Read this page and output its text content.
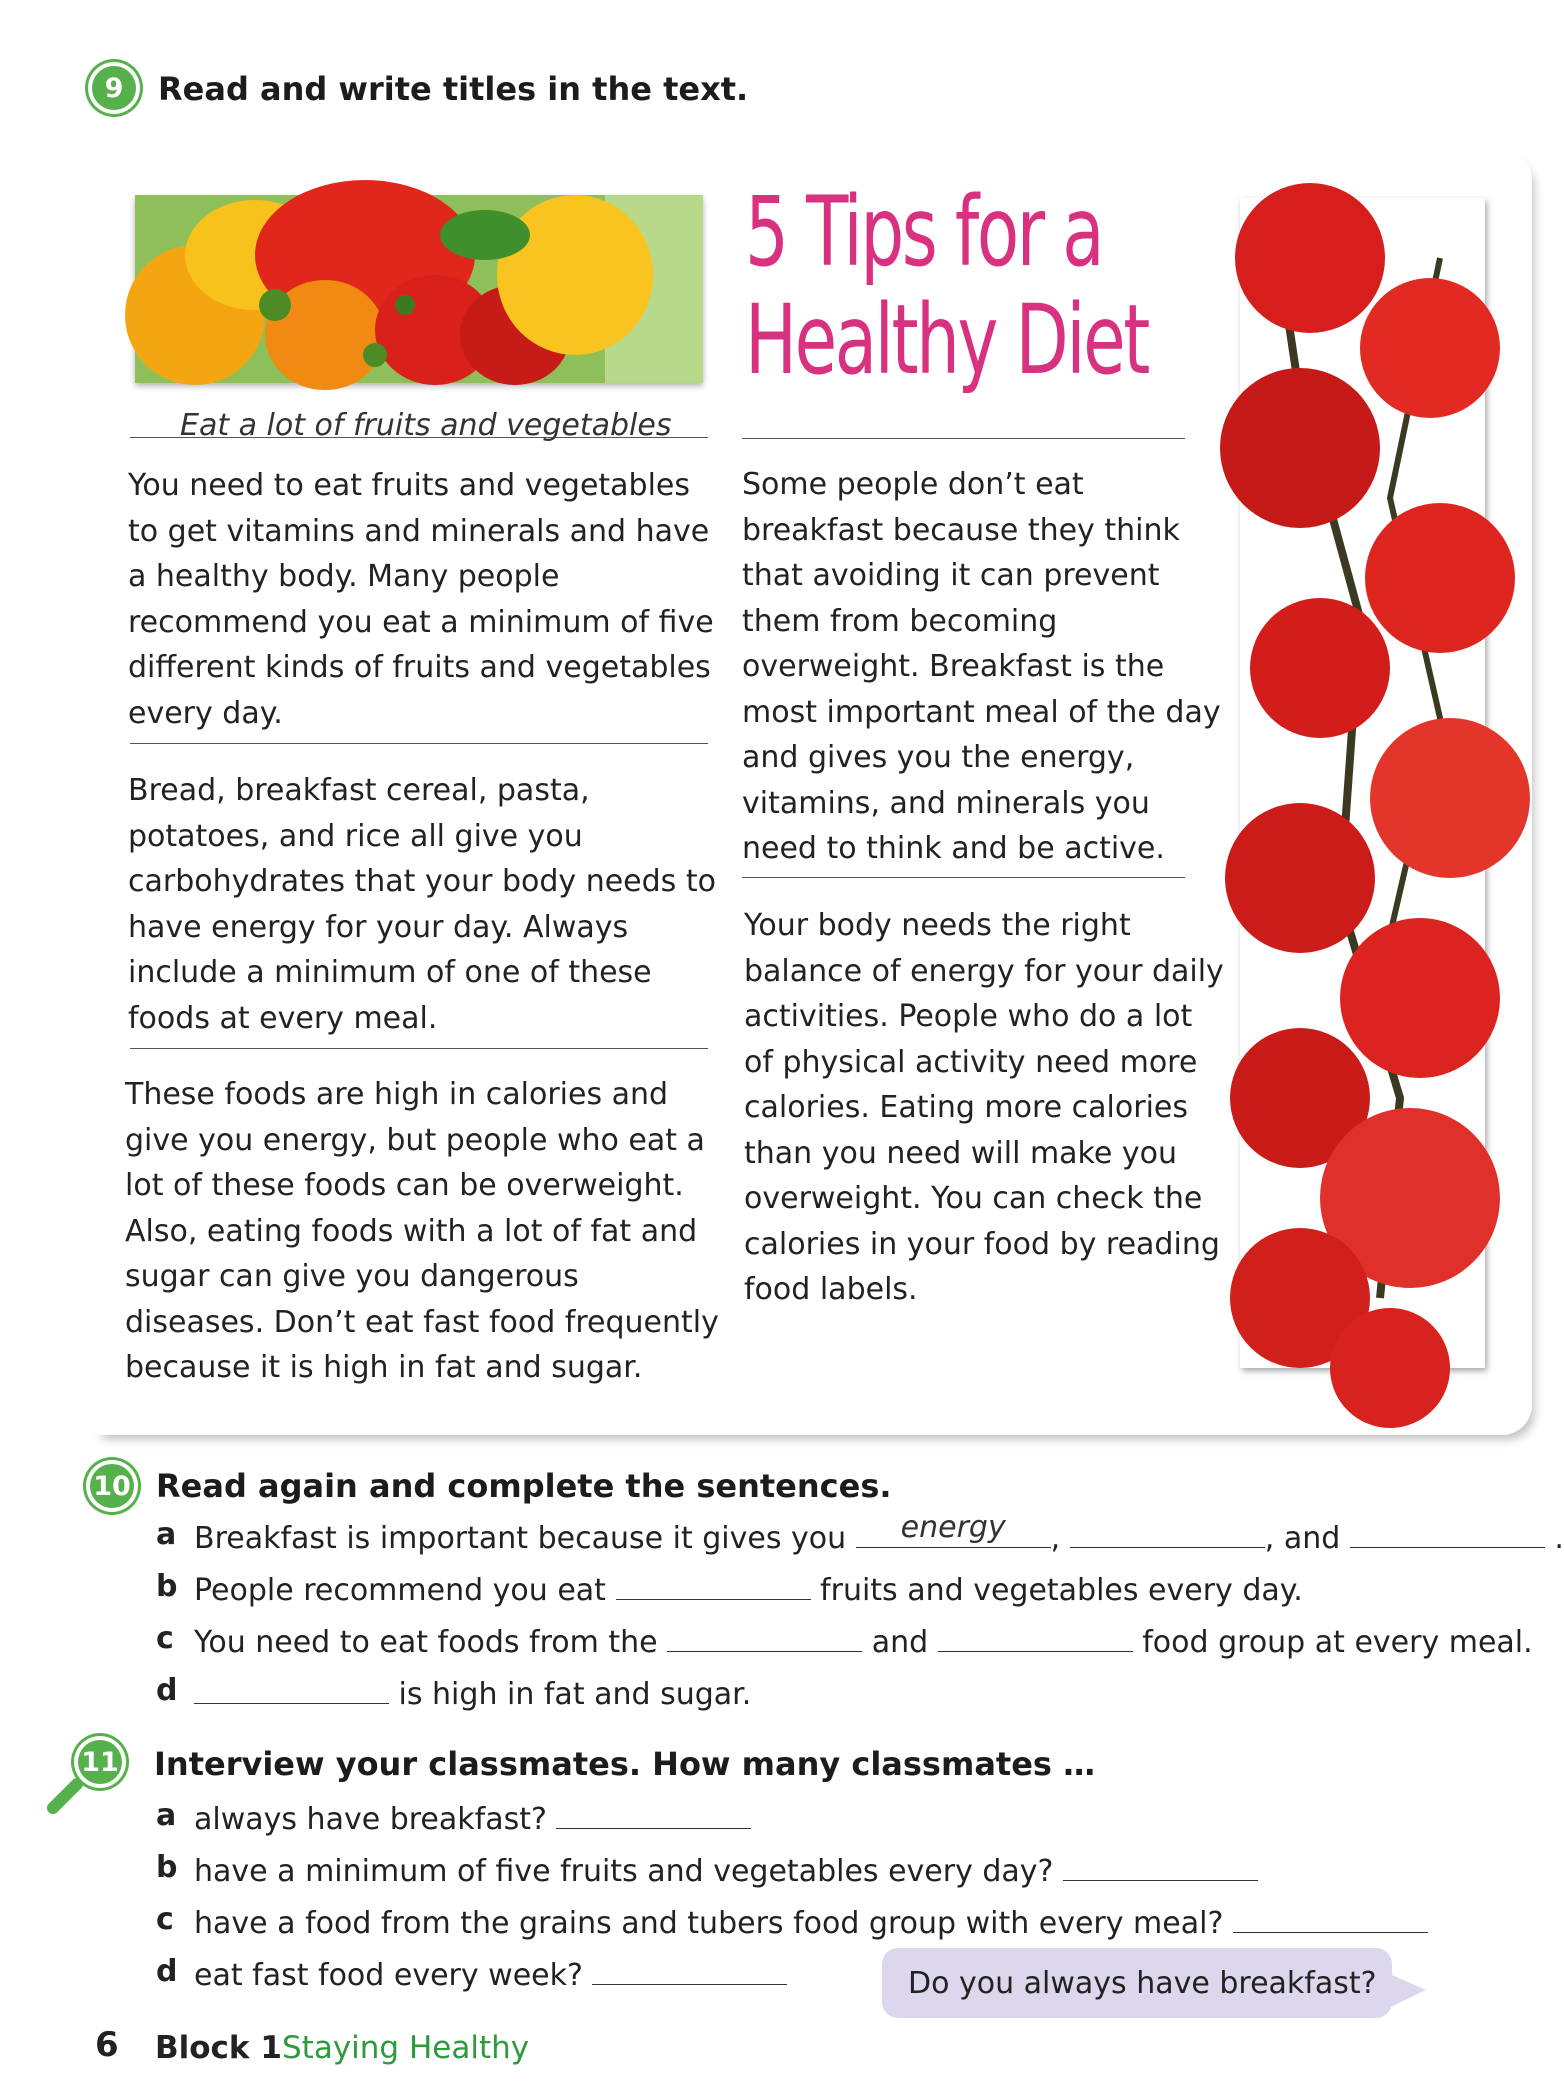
9	Read and write titles in the text.
5 Tips for a
Healthy Diet
Eat a lot of fruits and vegetables
You need to eat fruits and vegetables to get vitamins and minerals and have a healthy body. Many people recommend you eat a minimum of five different kinds of fruits and vegetables every day.
Bread, breakfast cereal, pasta, potatoes, and rice all give you carbohydrates that your body needs to have energy for your day. Always include a minimum of one of these foods at every meal.
These foods are high in calories and give you energy, but people who eat a lot of these foods can be overweight. Also, eating foods with a lot of fat and sugar can give you dangerous diseases. Don’t eat fast food frequently because it is high in fat and sugar.
Some people don’t eat breakfast because they think that avoiding it can prevent them from becoming overweight. Breakfast is the most important meal of the day and gives you the energy, vitamins, and minerals you need to think and be active.
Your body needs the right balance of energy for your daily activities. People who do a lot of physical activity need more calories. Eating more calories than you need will make you overweight. You can check the calories in your food by reading food labels.
10 Read again and complete the sentences.
a Breakfast is important because it gives you	energy	,	, and	.
b People recommend you eat	fruits and vegetables every day.
c You need to eat foods from the	and	food group at every meal.
d	is high in fat and sugar.
11 Interview your classmates. How many classmates …
a always have breakfast?
b have a minimum of five fruits and vegetables every day?
c have a food from the grains and tubers food group with every meal?
d eat fast food every week?	Do you always have breakfast?
6 Block 1 Staying Healthy
